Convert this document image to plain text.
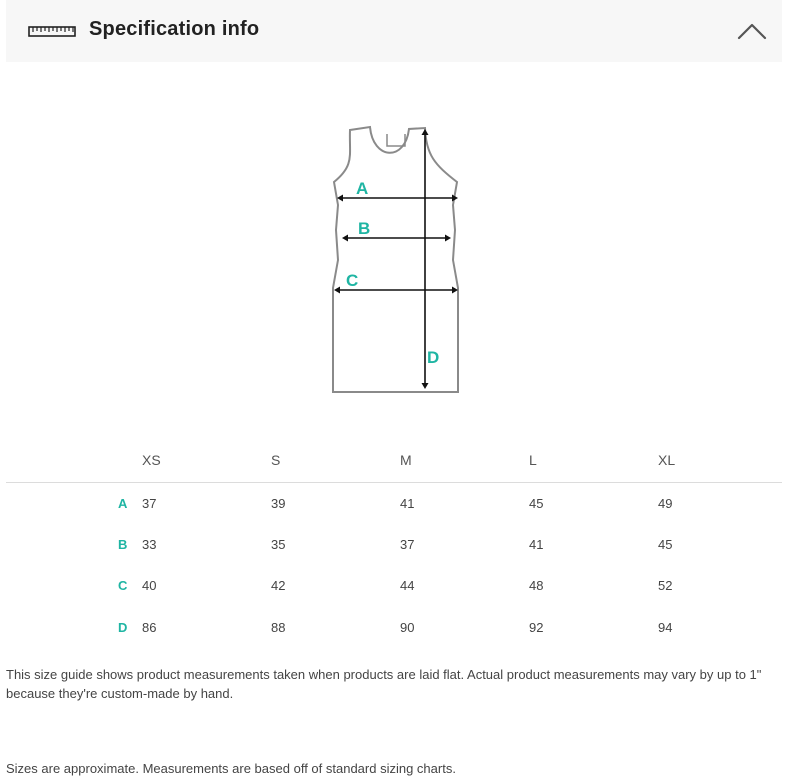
Specification info
A
B
C
D
XS	S	M	L	XL
A 37	39	41	45	49
B 33	35	37	41	45
C 40	42	44	48	52
D 86	88	90	92	94
This size guide shows product measurements taken when products are laid flat. Actual product measurements may vary by up to 1" because they're custom-made by hand.
Sizes are approximate. Measurements are based off of standard sizing charts.
